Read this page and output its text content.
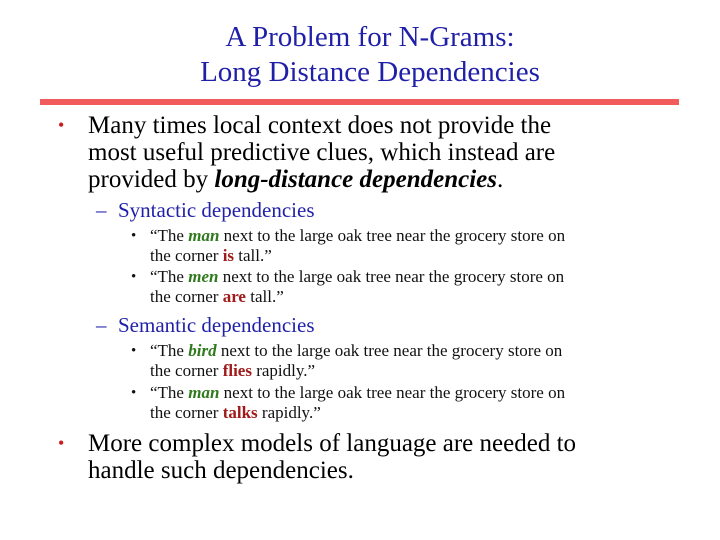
A Problem for N-Grams:
Long Distance Dependencies
• Many times local context does not provide the
most useful predictive clues, which instead are
provided by long-distance dependencies.
– Syntactic dependencies
• “The man next to the large oak tree near the grocery store on
the corner is tall.”
• “The men next to the large oak tree near the grocery store on
the corner are tall.”
– Semantic dependencies
• “The bird next to the large oak tree near the grocery store on
the corner flies rapidly.”
• “The man next to the large oak tree near the grocery store on
the corner talks rapidly.”
• More complex models of language are needed to
handle such dependencies.
